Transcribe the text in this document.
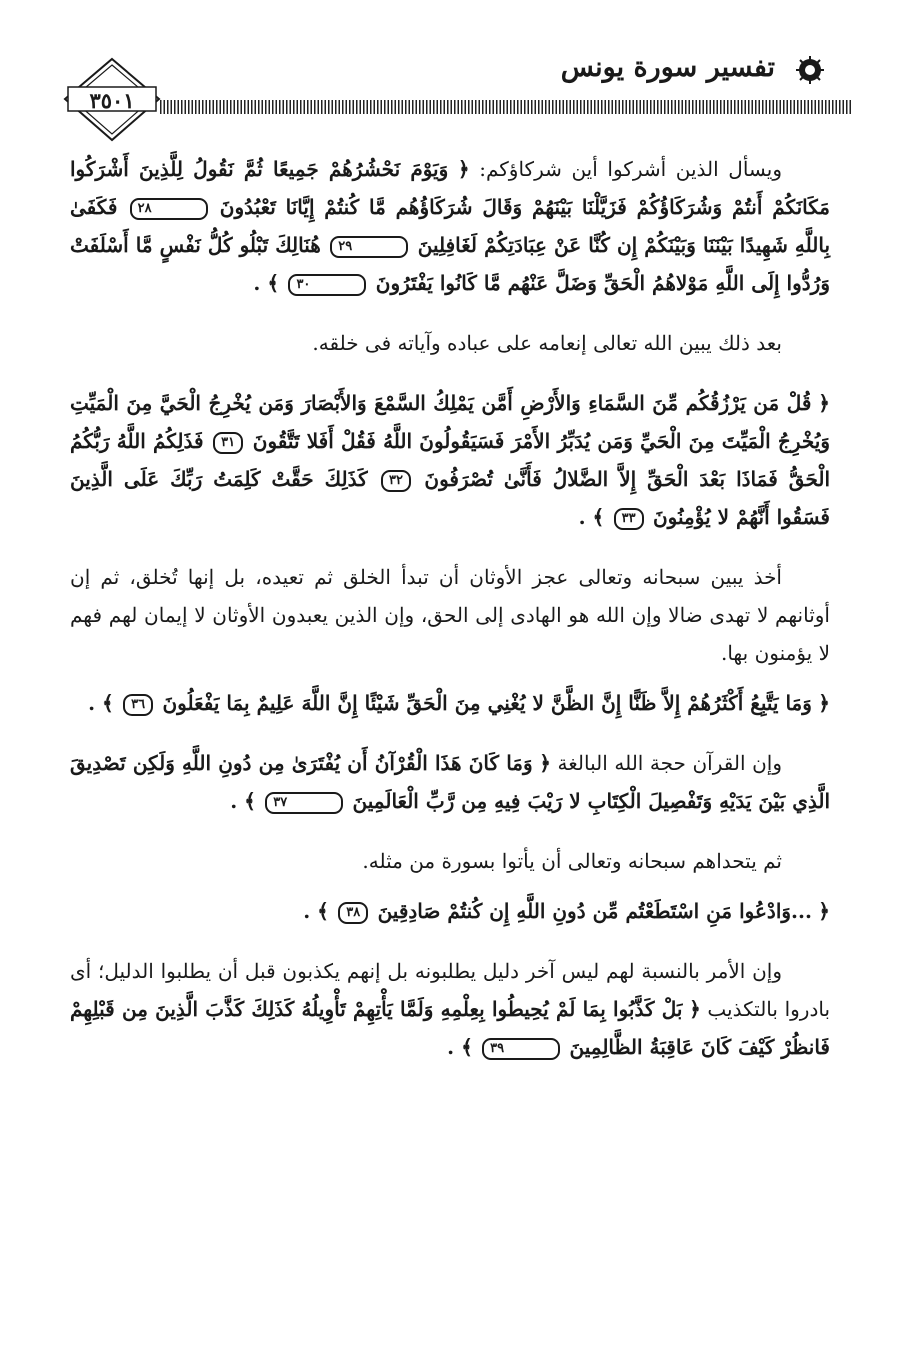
تفسير سورة يونس
٣٥٠١

ويسأل الذين أشركوا أين شركاؤكم: ﴿ وَيَوْمَ نَحْشُرُهُمْ جَمِيعًا ثُمَّ نَقُولُ لِلَّذِينَ أَشْرَكُوا مَكَانَكُمْ أَنتُمْ وَشُرَكَاؤُكُمْ فَزَيَّلْنَا بَيْنَهُمْ وَقَالَ شُرَكَاؤُهُم مَّا كُنتُمْ إِيَّانَا تَعْبُدُونَ ٢٨ فَكَفَىٰ بِاللَّهِ شَهِيدًا بَيْنَنَا وَبَيْنَكُمْ إِن كُنَّا عَنْ عِبَادَتِكُمْ لَغَافِلِينَ ٢٩ هُنَالِكَ تَبْلُو كُلُّ نَفْسٍ مَّا أَسْلَفَتْ وَرُدُّوا إِلَى اللَّهِ مَوْلاهُمُ الْحَقِّ وَضَلَّ عَنْهُم مَّا كَانُوا يَفْتَرُونَ ٣٠ ﴾ .

بعد ذلك يبين الله تعالى إنعامه على عباده وآياته فى خلقه.

﴿ قُلْ مَن يَرْزُقُكُم مِّنَ السَّمَاءِ وَالأَرْضِ أَمَّن يَمْلِكُ السَّمْعَ وَالأَبْصَارَ وَمَن يُخْرِجُ الْحَيَّ مِنَ الْمَيِّتِ وَيُخْرِجُ الْمَيِّتَ مِنَ الْحَيِّ وَمَن يُدَبِّرُ الأَمْرَ فَسَيَقُولُونَ اللَّهُ فَقُلْ أَفَلا تَتَّقُونَ ٣١ فَذَلِكُمُ اللَّهُ رَبُّكُمُ الْحَقُّ فَمَاذَا بَعْدَ الْحَقِّ إِلاَّ الضَّلالُ فَأَنَّىٰ تُصْرَفُونَ ٣٢ كَذَلِكَ حَقَّتْ كَلِمَتُ رَبِّكَ عَلَى الَّذِينَ فَسَقُوا أَنَّهُمْ لا يُؤْمِنُونَ ٣٣ ﴾ .

أخذ يبين سبحانه وتعالى عجز الأوثان أن تبدأ الخلق ثم تعيده، بل إنها تُخلق، ثم إن أوثانهم لا تهدى ضالا وإن الله هو الهادى إلى الحق، وإن الذين يعبدون الأوثان لا إيمان لهم فهم لا يؤمنون بها.

﴿ وَمَا يَتَّبِعُ أَكْثَرُهُمْ إِلاَّ ظَنًّا إِنَّ الظَّنَّ لا يُغْنِي مِنَ الْحَقِّ شَيْئًا إِنَّ اللَّهَ عَلِيمٌ بِمَا يَفْعَلُونَ ٣٦ ﴾ .

وإن القرآن حجة الله البالغة ﴿ وَمَا كَانَ هَذَا الْقُرْآنُ أَن يُفْتَرَىٰ مِن دُونِ اللَّهِ وَلَكِن تَصْدِيقَ الَّذِي بَيْنَ يَدَيْهِ وَتَفْصِيلَ الْكِتَابِ لا رَيْبَ فِيهِ مِن رَّبِّ الْعَالَمِينَ ٣٧ ﴾ .

ثم يتحداهم سبحانه وتعالى أن يأتوا بسورة من مثله.

﴿ ...وَادْعُوا مَنِ اسْتَطَعْتُم مِّن دُونِ اللَّهِ إِن كُنتُمْ صَادِقِينَ ٣٨ ﴾ .

وإن الأمر بالنسبة لهم ليس آخر دليل يطلبونه بل إنهم يكذبون قبل أن يطلبوا الدليل؛ أى بادروا بالتكذيب ﴿ بَلْ كَذَّبُوا بِمَا لَمْ يُحِيطُوا بِعِلْمِهِ وَلَمَّا يَأْتِهِمْ تَأْوِيلُهُ كَذَلِكَ كَذَّبَ الَّذِينَ مِن قَبْلِهِمْ فَانظُرْ كَيْفَ كَانَ عَاقِبَةُ الظَّالِمِينَ ٣٩ ﴾ .
